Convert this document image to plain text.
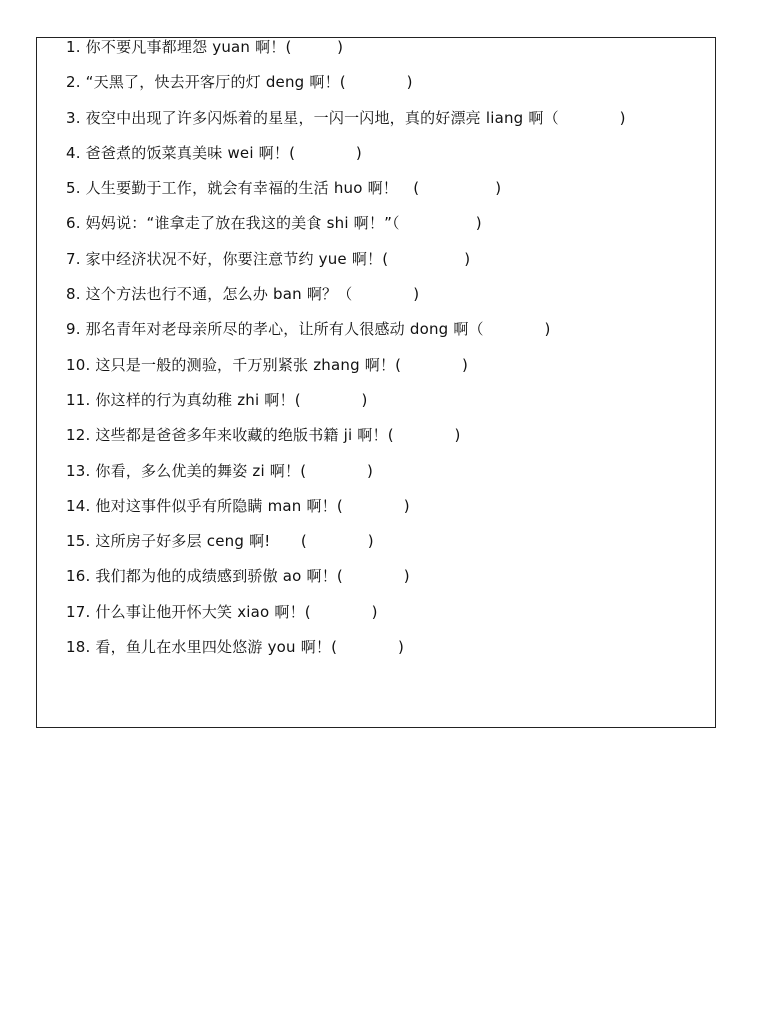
1. 你不要凡事都埋怨 yuan 啊！(　　　)
2. “天黑了，快去开客厅的灯 deng 啊！(　　　　)
3. 夜空中出现了许多闪烁着的星星，一闪一闪地，真的好漂亮 liang 啊（　　　　)
4. 爸爸煮的饭菜真美味 wei 啊！(　　　　)
5. 人生要勤于工作，就会有幸福的生活 huo 啊！　(　　　　　)
6. 妈妈说：“谁拿走了放在我这的美食 shi 啊！”（　　　　　)
7. 家中经济状况不好，你要注意节约 yue 啊！(　　　　　)
8. 这个方法也行不通，怎么办 ban 啊？（　　　　)
9. 那名青年对老母亲所尽的孝心，让所有人很感动 dong 啊（　　　　)
10. 这只是一般的测验，千万别紧张 zhang 啊！(　　　　)
11. 你这样的行为真幼稚 zhi 啊！(　　　　)
12. 这些都是爸爸多年来收藏的绝版书籍 ji 啊！(　　　　)
13. 你看，多么优美的舞姿 zi 啊！(　　　　)
14. 他对这事件似乎有所隐瞒 man 啊！(　　　　)
15. 这所房子好多层 ceng 啊!　　(　　　　)
16. 我们都为他的成绩感到骄傲 ao 啊！(　　　　)
17. 什么事让他开怀大笑 xiao 啊！(　　　　)
18. 看，鱼儿在水里四处悠游 you 啊！(　　　　)
